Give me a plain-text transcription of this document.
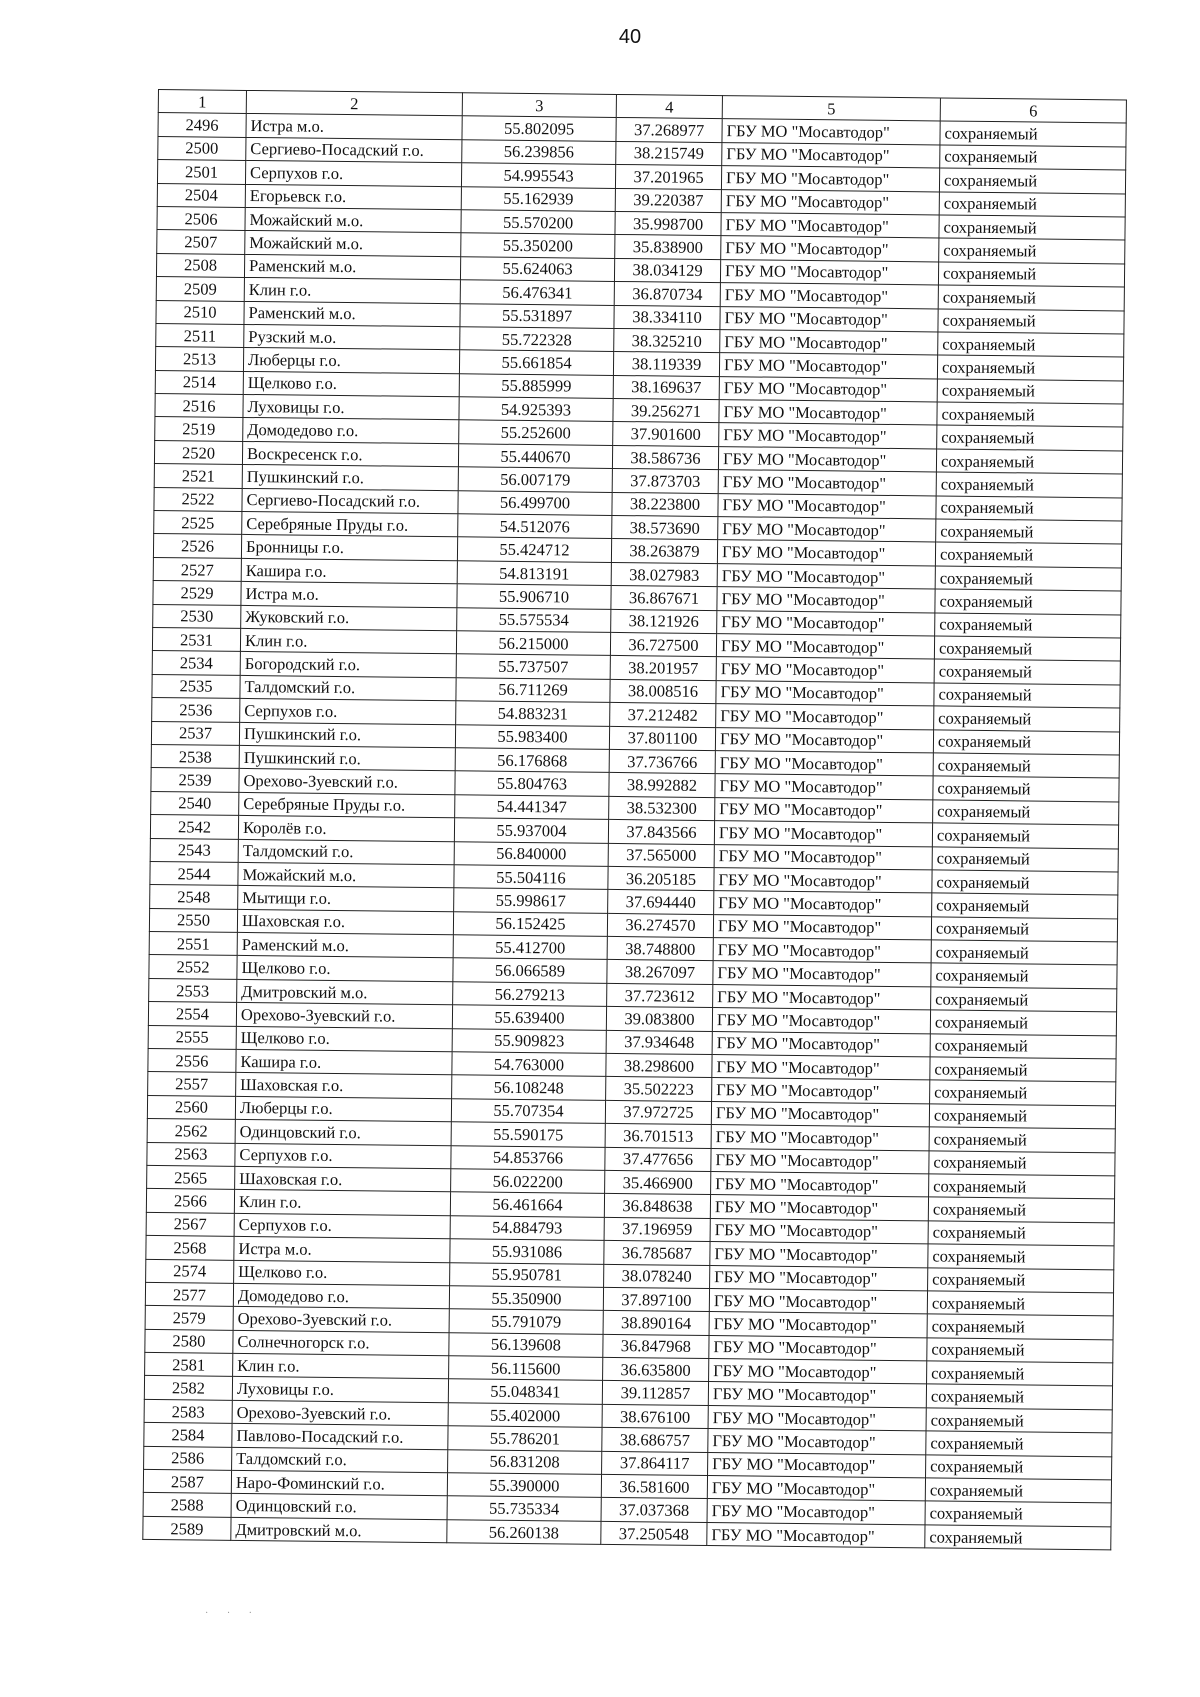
40
1	2	3	4	5	6
2496	Истра м.о.	55.802095	37.268977	ГБУ МО "Мосавтодор"	сохраняемый
2500	Сергиево-Посадский г.о.	56.239856	38.215749	ГБУ МО "Мосавтодор"	сохраняемый
2501	Серпухов г.о.	54.995543	37.201965	ГБУ МО "Мосавтодор"	сохраняемый
2504	Егорьевск г.о.	55.162939	39.220387	ГБУ МО "Мосавтодор"	сохраняемый
2506	Можайский м.о.	55.570200	35.998700	ГБУ МО "Мосавтодор"	сохраняемый
2507	Можайский м.о.	55.350200	35.838900	ГБУ МО "Мосавтодор"	сохраняемый
2508	Раменский м.о.	55.624063	38.034129	ГБУ МО "Мосавтодор"	сохраняемый
2509	Клин г.о.	56.476341	36.870734	ГБУ МО "Мосавтодор"	сохраняемый
2510	Раменский м.о.	55.531897	38.334110	ГБУ МО "Мосавтодор"	сохраняемый
2511	Рузский м.о.	55.722328	38.325210	ГБУ МО "Мосавтодор"	сохраняемый
2513	Люберцы г.о.	55.661854	38.119339	ГБУ МО "Мосавтодор"	сохраняемый
2514	Щелково г.о.	55.885999	38.169637	ГБУ МО "Мосавтодор"	сохраняемый
2516	Луховицы г.о.	54.925393	39.256271	ГБУ МО "Мосавтодор"	сохраняемый
2519	Домодедово г.о.	55.252600	37.901600	ГБУ МО "Мосавтодор"	сохраняемый
2520	Воскресенск г.о.	55.440670	38.586736	ГБУ МО "Мосавтодор"	сохраняемый
2521	Пушкинский г.о.	56.007179	37.873703	ГБУ МО "Мосавтодор"	сохраняемый
2522	Сергиево-Посадский г.о.	56.499700	38.223800	ГБУ МО "Мосавтодор"	сохраняемый
2525	Серебряные Пруды г.о.	54.512076	38.573690	ГБУ МО "Мосавтодор"	сохраняемый
2526	Бронницы г.о.	55.424712	38.263879	ГБУ МО "Мосавтодор"	сохраняемый
2527	Кашира г.о.	54.813191	38.027983	ГБУ МО "Мосавтодор"	сохраняемый
2529	Истра м.о.	55.906710	36.867671	ГБУ МО "Мосавтодор"	сохраняемый
2530	Жуковский г.о.	55.575534	38.121926	ГБУ МО "Мосавтодор"	сохраняемый
2531	Клин г.о.	56.215000	36.727500	ГБУ МО "Мосавтодор"	сохраняемый
2534	Богородский г.о.	55.737507	38.201957	ГБУ МО "Мосавтодор"	сохраняемый
2535	Талдомский г.о.	56.711269	38.008516	ГБУ МО "Мосавтодор"	сохраняемый
2536	Серпухов г.о.	54.883231	37.212482	ГБУ МО "Мосавтодор"	сохраняемый
2537	Пушкинский г.о.	55.983400	37.801100	ГБУ МО "Мосавтодор"	сохраняемый
2538	Пушкинский г.о.	56.176868	37.736766	ГБУ МО "Мосавтодор"	сохраняемый
2539	Орехово-Зуевский г.о.	55.804763	38.992882	ГБУ МО "Мосавтодор"	сохраняемый
2540	Серебряные Пруды г.о.	54.441347	38.532300	ГБУ МО "Мосавтодор"	сохраняемый
2542	Королёв г.о.	55.937004	37.843566	ГБУ МО "Мосавтодор"	сохраняемый
2543	Талдомский г.о.	56.840000	37.565000	ГБУ МО "Мосавтодор"	сохраняемый
2544	Можайский м.о.	55.504116	36.205185	ГБУ МО "Мосавтодор"	сохраняемый
2548	Мытищи г.о.	55.998617	37.694440	ГБУ МО "Мосавтодор"	сохраняемый
2550	Шаховская г.о.	56.152425	36.274570	ГБУ МО "Мосавтодор"	сохраняемый
2551	Раменский м.о.	55.412700	38.748800	ГБУ МО "Мосавтодор"	сохраняемый
2552	Щелково г.о.	56.066589	38.267097	ГБУ МО "Мосавтодор"	сохраняемый
2553	Дмитровский м.о.	56.279213	37.723612	ГБУ МО "Мосавтодор"	сохраняемый
2554	Орехово-Зуевский г.о.	55.639400	39.083800	ГБУ МО "Мосавтодор"	сохраняемый
2555	Щелково г.о.	55.909823	37.934648	ГБУ МО "Мосавтодор"	сохраняемый
2556	Кашира г.о.	54.763000	38.298600	ГБУ МО "Мосавтодор"	сохраняемый
2557	Шаховская г.о.	56.108248	35.502223	ГБУ МО "Мосавтодор"	сохраняемый
2560	Люберцы г.о.	55.707354	37.972725	ГБУ МО "Мосавтодор"	сохраняемый
2562	Одинцовский г.о.	55.590175	36.701513	ГБУ МО "Мосавтодор"	сохраняемый
2563	Серпухов г.о.	54.853766	37.477656	ГБУ МО "Мосавтодор"	сохраняемый
2565	Шаховская г.о.	56.022200	35.466900	ГБУ МО "Мосавтодор"	сохраняемый
2566	Клин г.о.	56.461664	36.848638	ГБУ МО "Мосавтодор"	сохраняемый
2567	Серпухов г.о.	54.884793	37.196959	ГБУ МО "Мосавтодор"	сохраняемый
2568	Истра м.о.	55.931086	36.785687	ГБУ МО "Мосавтодор"	сохраняемый
2574	Щелково г.о.	55.950781	38.078240	ГБУ МО "Мосавтодор"	сохраняемый
2577	Домодедово г.о.	55.350900	37.897100	ГБУ МО "Мосавтодор"	сохраняемый
2579	Орехово-Зуевский г.о.	55.791079	38.890164	ГБУ МО "Мосавтодор"	сохраняемый
2580	Солнечногорск г.о.	56.139608	36.847968	ГБУ МО "Мосавтодор"	сохраняемый
2581	Клин г.о.	56.115600	36.635800	ГБУ МО "Мосавтодор"	сохраняемый
2582	Луховицы г.о.	55.048341	39.112857	ГБУ МО "Мосавтодор"	сохраняемый
2583	Орехово-Зуевский г.о.	55.402000	38.676100	ГБУ МО "Мосавтодор"	сохраняемый
2584	Павлово-Посадский г.о.	55.786201	38.686757	ГБУ МО "Мосавтодор"	сохраняемый
2586	Талдомский г.о.	56.831208	37.864117	ГБУ МО "Мосавтодор"	сохраняемый
2587	Наро-Фоминский г.о.	55.390000	36.581600	ГБУ МО "Мосавтодор"	сохраняемый
2588	Одинцовский г.о.	55.735334	37.037368	ГБУ МО "Мосавтодор"	сохраняемый
2589	Дмитровский м.о.	56.260138	37.250548	ГБУ МО "Мосавтодор"	сохраняемый
· · ·
